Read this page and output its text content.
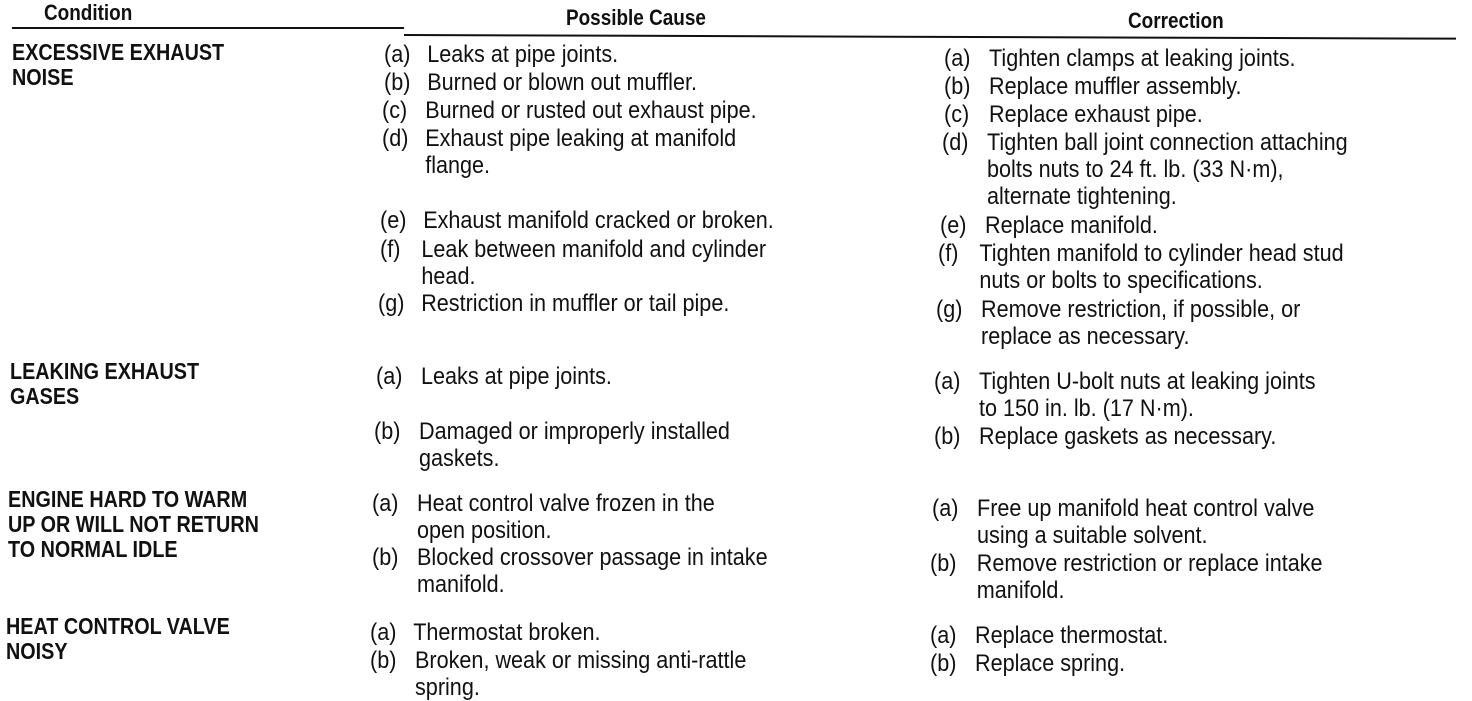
Condition	Possible Cause	Correction
EXCESSIVE EXHAUST
NOISE
LEAKING EXHAUST
GASES
ENGINE HARD TO WARM
UP OR WILL NOT RETURN
TO NORMAL IDLE
HEAT CONTROL VALVE
NOISY
(a) Leaks at pipe joints.
(b) Burned or blown out muffler.
(c) Burned or rusted out exhaust pipe.
(d) Exhaust pipe leaking at manifold
flange.
(e) Exhaust manifold cracked or broken.
(f) Leak between manifold and cylinder
head.
(g) Restriction in muffler or tail pipe.
(a) Tighten clamps at leaking joints.
(b) Replace muffler assembly.
(c) Replace exhaust pipe.
(d) Tighten ball joint connection attaching
bolts nuts to 24 ft. lb. (33 N·m),
alternate tightening.
(e) Replace manifold.
(f) Tighten manifold to cylinder head stud
nuts or bolts to specifications.
(g) Remove restriction, if possible, or
replace as necessary.
(a) Leaks at pipe joints.
(b) Damaged or improperly installed
gaskets.
(a) Tighten U-bolt nuts at leaking joints
to 150 in. lb. (17 N·m).
(b) Replace gaskets as necessary.
(a) Heat control valve frozen in the
open position.
(b) Blocked crossover passage in intake
manifold.
(a) Free up manifold heat control valve
using a suitable solvent.
(b) Remove restriction or replace intake
manifold.
(a) Thermostat broken.
(b) Broken, weak or missing anti-rattle
spring.
(a) Replace thermostat.
(b) Replace spring.
